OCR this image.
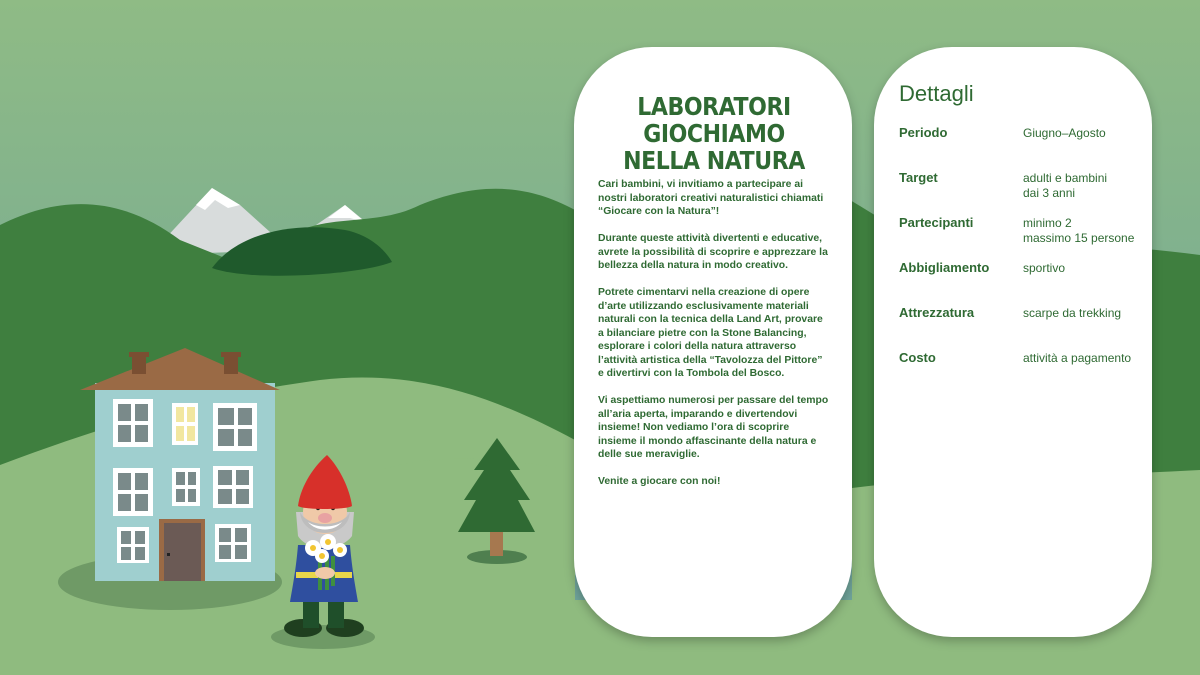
LABORATORI
GIOCHIAMO
NELLA NATURA

Cari bambini, vi invitiamo a partecipare ai nostri laboratori creativi naturalistici chiamati “Giocare con la Natura”!

Durante queste attività divertenti e educative, avrete la possibilità di scoprire e apprezzare la bellezza della natura in modo creativo.

Potrete cimentarvi nella creazione di opere d’arte utilizzando esclusivamente materiali naturali con la tecnica della Land Art, provare a bilanciare pietre con la Stone Balancing, esplorare i colori della natura attraverso l’attività artistica della “Tavolozza del Pittore” e divertirvi con la Tombola del Bosco.

Vi aspettiamo numerosi per passare del tempo all’aria aperta, imparando e divertendovi insieme! Non vediamo l’ora di scoprire insieme il mondo affascinante della natura e delle sue meraviglie.

Venite a giocare con noi!

Dettagli
Periodo	Giugno–Agosto
Target	adulti e bambini
dai 3 anni
Partecipanti	minimo 2
massimo 15 persone
Abbigliamento	sportivo
Attrezzatura	scarpe da trekking
Costo	attività a pagamento
